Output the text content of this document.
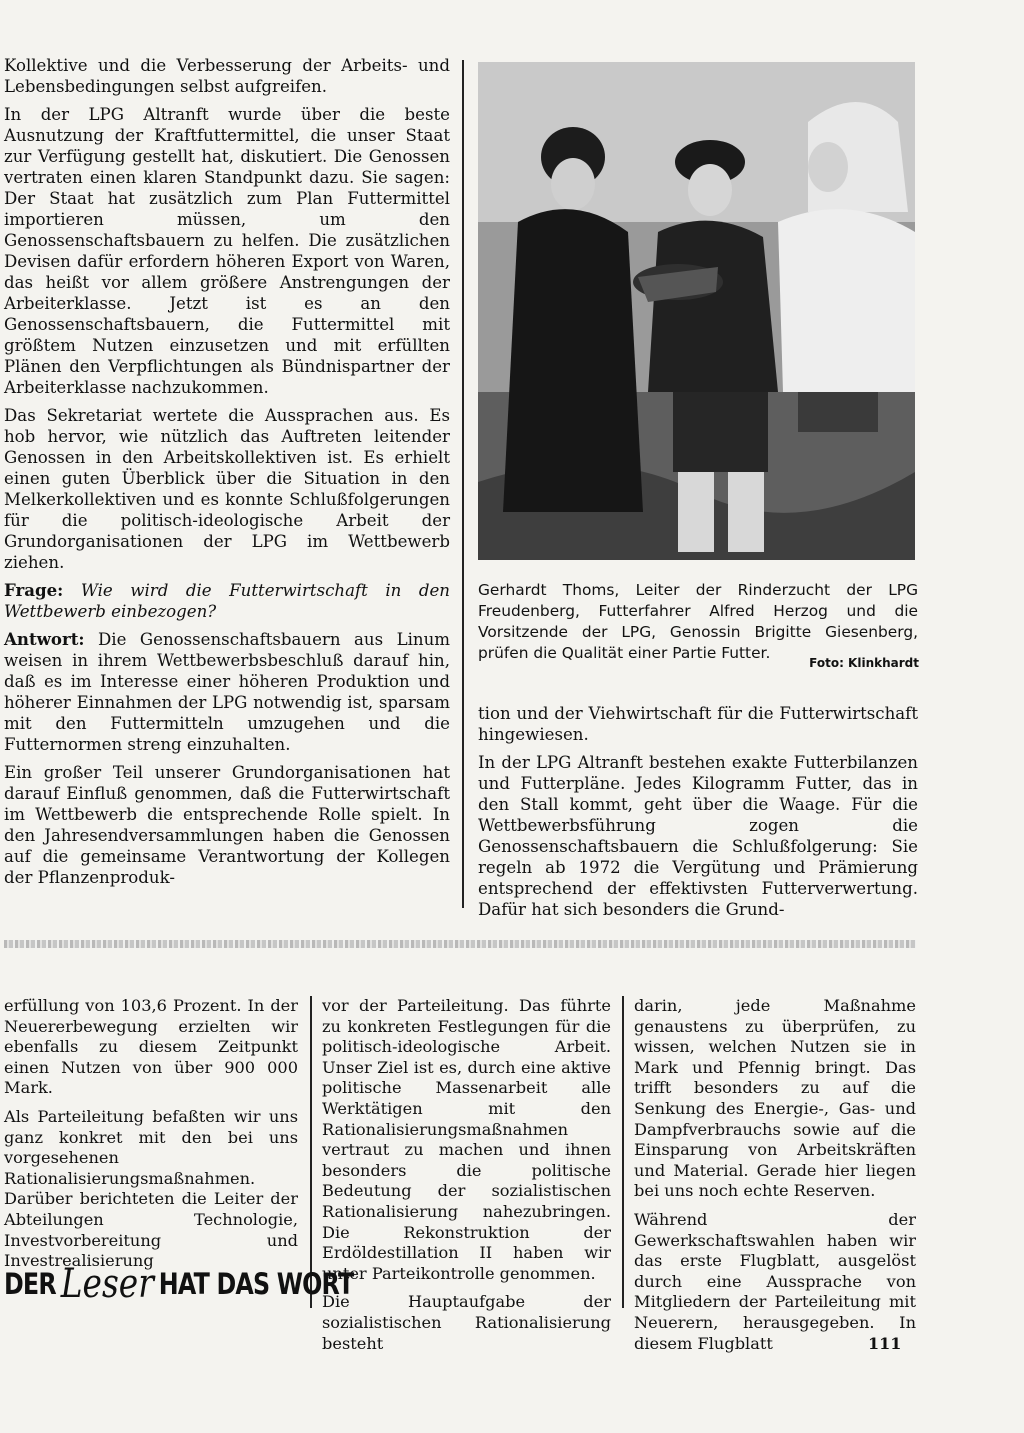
Kollektive und die Verbesserung der Arbeits- und Lebensbedingungen selbst aufgreifen.

In der LPG Altranft wurde über die beste Ausnutzung der Kraftfuttermittel, die unser Staat zur Verfügung gestellt hat, diskutiert. Die Genossen vertraten einen klaren Standpunkt dazu. Sie sagen: Der Staat hat zusätzlich zum Plan Futtermittel importieren müssen, um den Genossenschaftsbauern zu helfen. Die zusätzlichen Devisen dafür erfordern höheren Export von Waren, das heißt vor allem größere Anstrengungen der Arbeiterklasse. Jetzt ist es an den Genossenschaftsbauern, die Futtermittel mit größtem Nutzen einzusetzen und mit erfüllten Plänen den Verpflichtungen als Bündnispartner der Arbeiterklasse nachzukommen.

Das Sekretariat wertete die Aussprachen aus. Es hob hervor, wie nützlich das Auftreten leitender Genossen in den Arbeitskollektiven ist. Es erhielt einen guten Überblick über die Situation in den Melkerkollektiven und es konnte Schlußfolgerungen für die politisch-ideologische Arbeit der Grundorganisationen der LPG im Wettbewerb ziehen.

Frage: Wie wird die Futterwirtschaft in den Wettbewerb einbezogen?

Antwort: Die Genossenschaftsbauern aus Linum weisen in ihrem Wettbewerbsbeschluß darauf hin, daß es im Interesse einer höheren Produktion und höherer Einnahmen der LPG notwendig ist, sparsam mit den Futtermitteln umzugehen und die Futternormen streng einzuhalten.

Ein großer Teil unserer Grundorganisationen hat darauf Einfluß genommen, daß die Futterwirtschaft im Wettbewerb die entsprechende Rolle spielt. In den Jahresendversammlungen haben die Genossen auf die gemeinsame Verantwortung der Kollegen der Pflanzenproduk-

Gerhardt Thoms, Leiter der Rinderzucht der LPG Freudenberg, Futterfahrer Alfred Herzog und die Vorsitzende der LPG, Genossin Brigitte Giesenberg, prüfen die Qualität einer Partie Futter.

Foto: Klinkhardt

tion und der Viehwirtschaft für die Futterwirtschaft hingewiesen.

In der LPG Altranft bestehen exakte Futterbilanzen und Futterpläne. Jedes Kilogramm Futter, das in den Stall kommt, geht über die Waage. Für die Wettbewerbsführung zogen die Genossenschaftsbauern die Schlußfolgerung: Sie regeln ab 1972 die Vergütung und Prämierung entsprechend der effektivsten Futterverwertung. Dafür hat sich besonders die Grund-

erfüllung von 103,6 Prozent. In der Neuererbewegung erzielten wir ebenfalls zu diesem Zeitpunkt einen Nutzen von über 900 000 Mark.

Als Parteileitung befaßten wir uns ganz konkret mit den bei uns vorgesehenen Rationalisierungsmaßnahmen. Darüber berichteten die Leiter der Abteilungen Technologie, Investvorbereitung und Investrealisierung

vor der Parteileitung. Das führte zu konkreten Festlegungen für die politisch-ideologische Arbeit. Unser Ziel ist es, durch eine aktive politische Massenarbeit alle Werktätigen mit den Rationalisierungsmaßnahmen vertraut zu machen und ihnen besonders die politische Bedeutung der sozialistischen Rationalisierung nahezubringen. Die Rekonstruktion der Erdöldestillation II haben wir unter Parteikontrolle genommen.

Die Hauptaufgabe der sozialistischen Rationalisierung besteht

darin, jede Maßnahme genaustens zu überprüfen, zu wissen, welchen Nutzen sie in Mark und Pfennig bringt. Das trifft besonders zu auf die Senkung des Energie-, Gas- und Dampfverbrauchs sowie auf die Einsparung von Arbeitskräften und Material. Gerade hier liegen bei uns noch echte Reserven.

Während der Gewerkschaftswahlen haben wir das erste Flugblatt, ausgelöst durch eine Aussprache von Mitgliedern der Parteileitung mit Neuerern, herausgegeben. In diesem Flugblatt

DER Leser HAT DAS WORT
111
